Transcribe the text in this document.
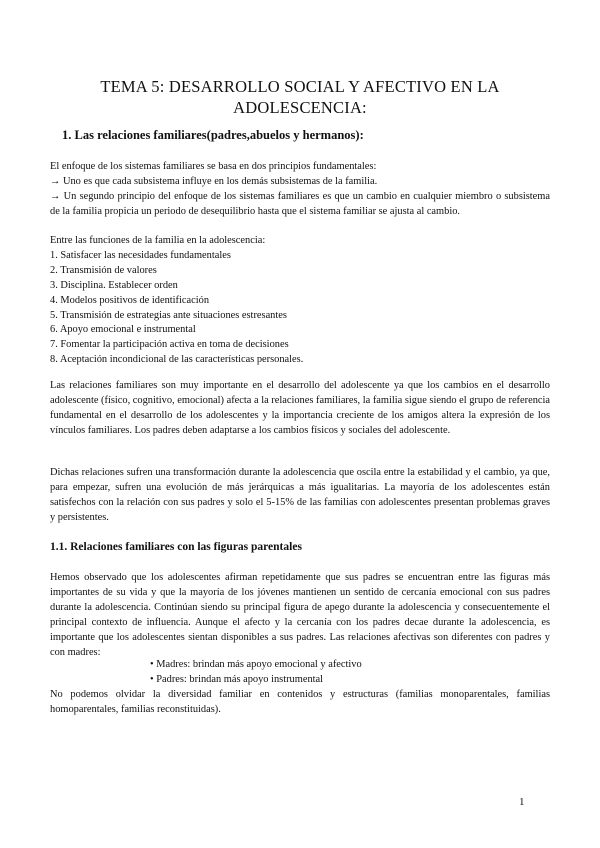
TEMA 5: DESARROLLO SOCIAL Y AFECTIVO EN LA ADOLESCENCIA:
1. Las relaciones familiares(padres,abuelos y hermanos):

El enfoque de los sistemas familiares se basa en dos principios fundamentales:

→ Uno es que cada subsistema influye en los demás subsistemas de la familia.

→ Un segundo principio del enfoque de los sistemas familiares es que un cambio en cualquier miembro o subsistema de la familia propicia un periodo de desequilibrio hasta que el sistema familiar se ajusta al cambio.

Entre las funciones de la familia en la adolescencia:

1. Satisfacer las necesidades fundamentales

2. Transmisión de valores

3. Disciplina. Establecer orden

4. Modelos positivos de identificación

5. Transmisión de estrategias ante situaciones estresantes

6. Apoyo emocional e instrumental

7. Fomentar la participación activa en toma de decisiones

8. Aceptación incondicional de las características personales.

Las relaciones familiares son muy importante en el desarrollo del adolescente ya que los cambios en el desarrollo adolescente (físico, cognitivo, emocional) afecta a la relaciones familiares, la familia sigue siendo el grupo de referencia fundamental en el desarrollo de los adolescentes y la importancia creciente de los amigos altera la expresión de los vínculos familiares. Los padres deben adaptarse a los cambios físicos y sociales del adolescente.
Dichas relaciones sufren una transformación durante la adolescencia que oscila entre la estabilidad y el cambio, ya que, para empezar, sufren una evolución de más jerárquicas a más igualitarias. La mayoría de los adolescentes están satisfechos con la relación con sus padres y solo el 5-15% de las familias con adolescentes presentan problemas graves y persistentes.
1.1. Relaciones familiares con las figuras parentales
Hemos observado que los adolescentes afirman repetidamente que sus padres se encuentran entre las figuras más importantes de su vida y que la mayoría de los jóvenes mantienen un sentido de cercanía emocional con sus padres durante la adolescencia. Continúan siendo su principal figura de apego durante la adolescencia y consecuentemente el principal contexto de influencia. Aunque el afecto y la cercanía con los padres decae durante la adolescencia, es importante que los adolescentes sientan disponibles a sus padres. Las relaciones afectivas son diferentes con padres y con madres:
• Madres: brindan más apoyo emocional y afectivo
• Padres: brindan más apoyo instrumental
No podemos olvidar la diversidad familiar en contenidos y estructuras (familias monoparentales, familias homoparentales, familias reconstituidas).
1
